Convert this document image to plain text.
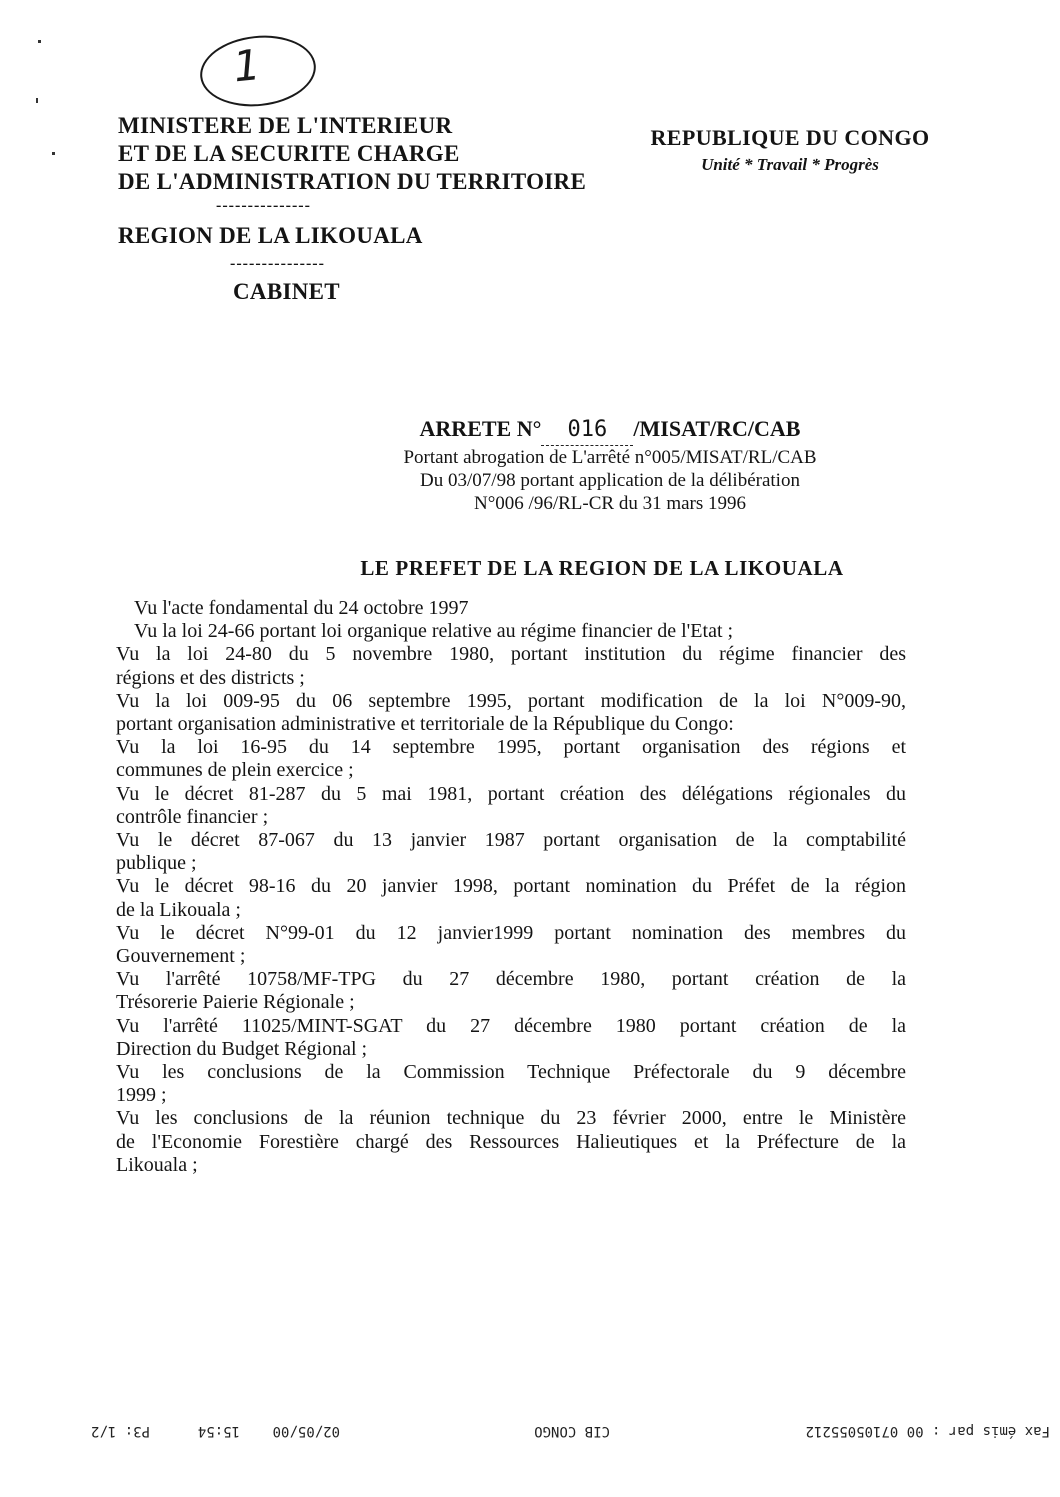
1
MINISTERE DE L'INTERIEUR
ET DE LA SECURITE CHARGE
DE L'ADMINISTRATION DU TERRITOIRE
---------------
REGION DE LA LIKOUALA
---------------
CABINET
REPUBLIQUE DU CONGO
Unité * Travail * Progrès
ARRETE N° 016 /MISAT/RC/CAB
Portant abrogation de L'arrêté n°005/MISAT/RL/CAB
Du 03/07/98 portant application de la délibération
N°006 /96/RL-CR du 31 mars 1996
LE PREFET DE LA REGION DE LA LIKOUALA
Vu l'acte fondamental du 24 octobre 1997
Vu la loi 24-66 portant loi organique relative au régime financier de l'Etat ;
Vu la loi 24-80 du 5 novembre 1980, portant institution du régime financier des
régions et des districts ;
Vu la loi 009-95 du 06 septembre 1995, portant modification de la loi N°009-90,
portant organisation administrative et territoriale de la République du Congo:
Vu la loi 16-95 du 14 septembre 1995, portant organisation des régions et
communes de plein exercice ;
Vu le décret 81-287 du 5 mai 1981, portant création des délégations régionales du
contrôle financier ;
Vu le décret 87-067 du 13 janvier 1987 portant organisation de la comptabilité
publique ;
Vu le décret 98-16 du 20 janvier 1998, portant nomination du Préfet de la région
de la Likouala ;
Vu le décret N°99-01 du 12 janvier1999 portant nomination des membres du
Gouvernement ;
Vu l'arrêté 10758/MF-TPG du 27 décembre 1980, portant création de la
Trésorerie Paierie Régionale ;
Vu l'arrêté 11025/MINT-SGAT du 27 décembre 1980 portant création de la
Direction du Budget Régional ;
Vu les conclusions de la Commission Technique Préfectorale du 9 décembre
1999 ;
Vu les conclusions de la réunion technique du 23 février 2000, entre le Ministère
de l'Economie Forestière chargé des Ressources Halieutiques et la Préfecture de la
Likouala ;
Fax émis par : 00 07105055212
CIB CONGO
02/05/00
15:54
P3: 1/2
